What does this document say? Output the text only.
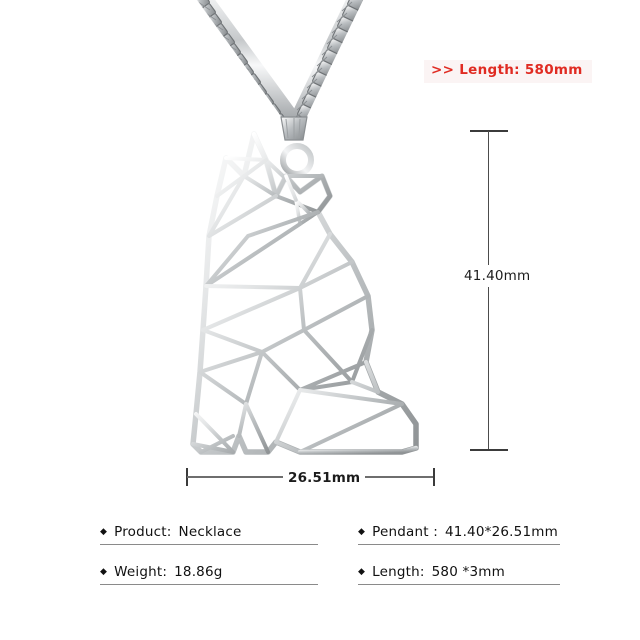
>> Length: 580mm
41.40mm
26.51mm
◆ Product: Necklace	◆ Pendant : 41.40*26.51mm
◆ Weight: 18.86g	◆ Length: 580 *3mm
